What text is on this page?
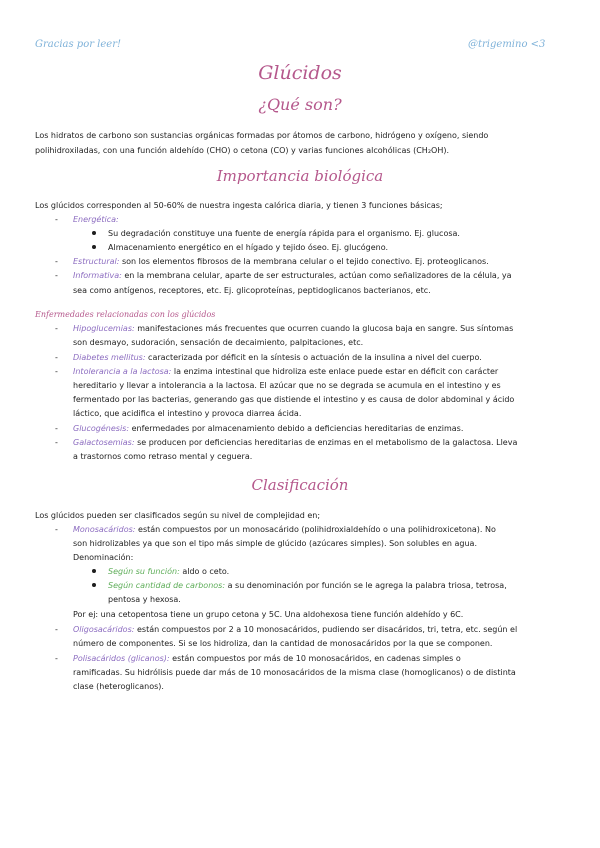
Gracias por leer!	@trigemino <3
Glúcidos
¿Qué son?
Los hidratos de carbono son sustancias orgánicas formadas por átomos de carbono, hidrógeno y oxígeno, siendo
polihidroxiladas, con una función aldehído (CHO) o cetona (CO) y varias funciones alcohólicas (CH₂OH).
Importancia biológica
Los glúcidos corresponden al 50-60% de nuestra ingesta calórica diaria, y tienen 3 funciones básicas;
- Energética:
Su degradación constituye una fuente de energía rápida para el organismo. Ej. glucosa.
Almacenamiento energético en el hígado y tejido óseo. Ej. glucógeno.
- Estructural: son los elementos fibrosos de la membrana celular o el tejido conectivo. Ej. proteoglicanos.
- Informativa: en la membrana celular, aparte de ser estructurales, actúan como señalizadores de la célula, ya
sea como antígenos, receptores, etc. Ej. glicoproteínas, peptidoglicanos bacterianos, etc.
Enfermedades relacionadas con los glúcidos
- Hipoglucemias: manifestaciones más frecuentes que ocurren cuando la glucosa baja en sangre. Sus síntomas
son desmayo, sudoración, sensación de decaimiento, palpitaciones, etc.
- Diabetes mellitus: caracterizada por déficit en la síntesis o actuación de la insulina a nivel del cuerpo.
- Intolerancia a la lactosa: la enzima intestinal que hidroliza este enlace puede estar en déficit con carácter
hereditario y llevar a intolerancia a la lactosa. El azúcar que no se degrada se acumula en el intestino y es
fermentado por las bacterias, generando gas que distiende el intestino y es causa de dolor abdominal y ácido
láctico, que acidifica el intestino y provoca diarrea ácida.
- Glucogénesis: enfermedades por almacenamiento debido a deficiencias hereditarias de enzimas.
- Galactosemias: se producen por deficiencias hereditarias de enzimas en el metabolismo de la galactosa. Lleva
a trastornos como retraso mental y ceguera.
Clasificación
Los glúcidos pueden ser clasificados según su nivel de complejidad en;
- Monosacáridos: están compuestos por un monosacárido (polihidroxialdehído o una polihidroxicetona). No
son hidrolizables ya que son el tipo más simple de glúcido (azúcares simples). Son solubles en agua.
Denominación:
Según su función: aldo o ceto.
Según cantidad de carbonos: a su denominación por función se le agrega la palabra triosa, tetrosa,
pentosa y hexosa.
Por ej: una cetopentosa tiene un grupo cetona y 5C. Una aldohexosa tiene función aldehído y 6C.
- Oligosacáridos: están compuestos por 2 a 10 monosacáridos, pudiendo ser disacáridos, tri, tetra, etc. según el
número de componentes. Si se los hidroliza, dan la cantidad de monosacáridos por la que se componen.
- Polisacáridos (glicanos): están compuestos por más de 10 monosacáridos, en cadenas simples o
ramificadas. Su hidrólisis puede dar más de 10 monosacáridos de la misma clase (homoglicanos) o de distinta
clase (heteroglicanos).
